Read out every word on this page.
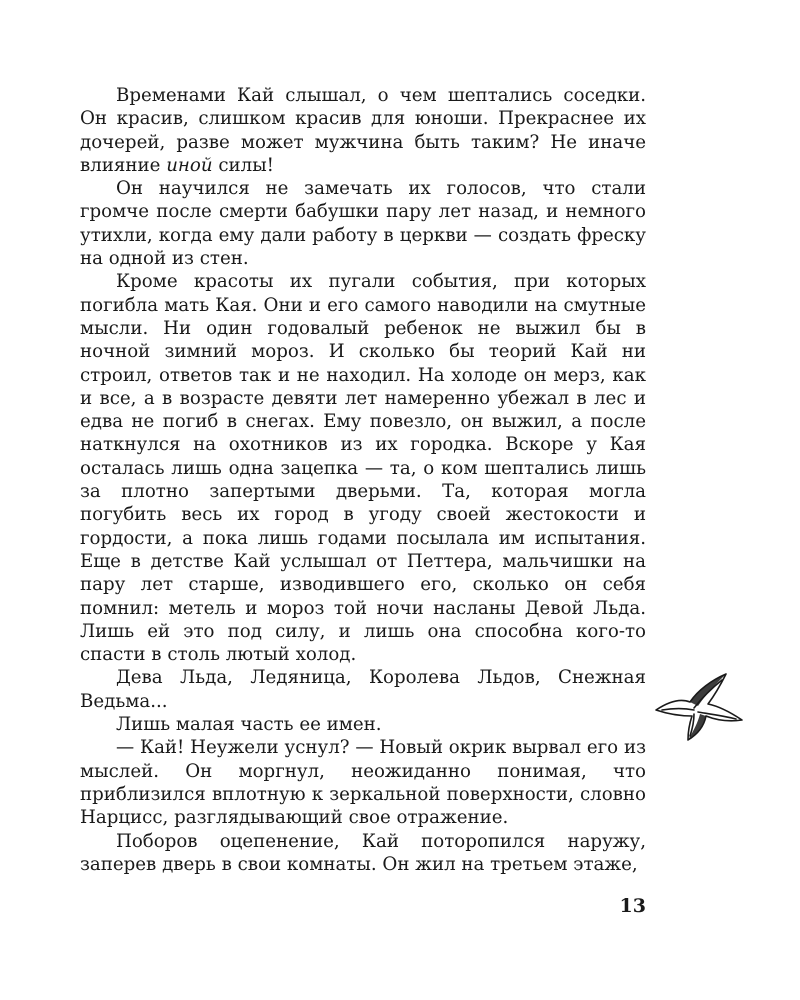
Временами Кай слышал, о чем шептались соседки. Он красив, слишком красив для юноши. Прекраснее их дочерей, разве может мужчина быть таким? Не иначе влияние иной силы!

Он научился не замечать их голосов, что стали громче после смерти бабушки пару лет назад, и немного утихли, когда ему дали работу в церкви — создать фреску на одной из стен.

Кроме красоты их пугали события, при которых погибла мать Кая. Они и его самого наводили на смутные мысли. Ни один годовалый ребенок не выжил бы в ночной зимний мороз. И сколько бы теорий Кай ни строил, ответов так и не находил. На холоде он мерз, как и все, а в возрасте девяти лет намеренно убежал в лес и едва не погиб в снегах. Ему повезло, он выжил, а после наткнулся на охотников из их городка. Вскоре у Кая осталась лишь одна зацепка — та, о ком шептались лишь за плотно запертыми дверьми. Та, которая могла погубить весь их город в угоду своей жестокости и гордости, а пока лишь годами посылала им испытания. Еще в детстве Кай услышал от Петтера, мальчишки на пару лет старше, изводившего его, сколько он себя помнил: метель и мороз той ночи насланы Девой Льда. Лишь ей это под силу, и лишь она способна кого-то спасти в столь лютый холод.

Дева Льда, Ледяница, Королева Льдов, Снежная Ведьма...

Лишь малая часть ее имен.

— Кай! Неужели уснул? — Новый окрик вырвал его из мыслей. Он моргнул, неожиданно понимая, что приблизился вплотную к зеркальной поверхности, словно Нарцисс, разглядывающий свое отражение.

Поборов оцепенение, Кай поторопился наружу, заперев дверь в свои комнаты. Он жил на третьем этаже,

13
